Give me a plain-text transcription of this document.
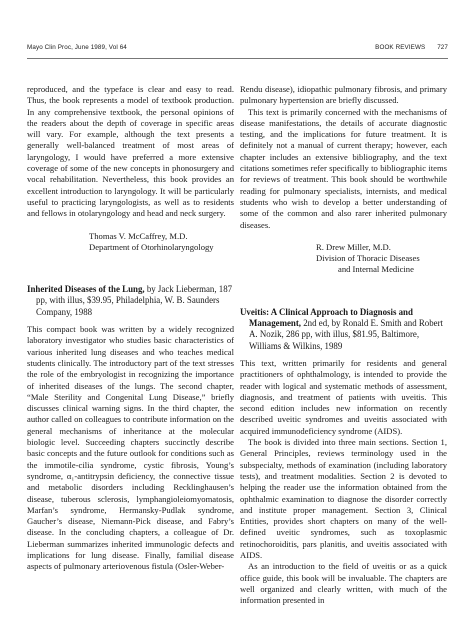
Mayo Clin Proc, June 1989, Vol 64	BOOK REVIEWS 727

reproduced, and the typeface is clear and easy to read. Thus, the book represents a model of textbook production. In any comprehensive textbook, the personal opinions of the readers about the depth of coverage in specific areas will vary. For example, although the text presents a generally well-balanced treatment of most areas of laryngology, I would have preferred a more extensive coverage of some of the new concepts in phonosurgery and vocal rehabilitation. Nevertheless, this book provides an excellent introduction to laryngology. It will be particularly useful to practicing laryngologists, as well as to residents and fellows in otolaryngology and head and neck surgery.

Thomas V. McCaffrey, M.D.
Department of Otorhinolaryngology
Inherited Diseases of the Lung, by Jack Lieberman, 187 pp, with illus, $39.95, Philadelphia, W. B. Saunders Company, 1988

This compact book was written by a widely recognized laboratory investigator who studies basic characteristics of various inherited lung diseases and who teaches medical students clinically. The introductory part of the text stresses the role of the embryologist in recognizing the importance of inherited diseases of the lungs. The second chapter, “Male Sterility and Congenital Lung Disease,” briefly discusses clinical warning signs. In the third chapter, the author called on colleagues to contribute information on the general mechanisms of inheritance at the molecular biologic level. Succeeding chapters succinctly describe basic concepts and the future outlook for conditions such as the immotile-cilia syndrome, cystic fibrosis, Young’s syndrome, α₁-antitrypsin deficiency, the connective tissue and metabolic disorders including Recklinghausen’s disease, tuberous sclerosis, lymphangioleiomyomatosis, Marfan’s syndrome, Hermansky-Pudlak syndrome, Gaucher’s disease, Niemann-Pick disease, and Fabry’s disease. In the concluding chapters, a colleague of Dr. Lieberman summarizes inherited immunologic defects and implications for lung disease. Finally, familial disease aspects of pulmonary arteriovenous fistula (Osler-Weber-

Rendu disease), idiopathic pulmonary fibrosis, and primary pulmonary hypertension are briefly discussed.

This text is primarily concerned with the mechanisms of disease manifestations, the details of accurate diagnostic testing, and the implications for future treatment. It is definitely not a manual of current therapy; however, each chapter includes an extensive bibliography, and the text citations sometimes refer specifically to bibliographic items for reviews of treatment. This book should be worthwhile reading for pulmonary specialists, internists, and medical students who wish to develop a better understanding of some of the common and also rarer inherited pulmonary diseases.

R. Drew Miller, M.D.
Division of Thoracic Diseases
and Internal Medicine
Uveitis: A Clinical Approach to Diagnosis and Management, 2nd ed, by Ronald E. Smith and Robert A. Nozik, 286 pp, with illus, $81.95, Baltimore, Williams & Wilkins, 1989

This text, written primarily for residents and general practitioners of ophthalmology, is intended to provide the reader with logical and systematic methods of assessment, diagnosis, and treatment of patients with uveitis. This second edition includes new information on recently described uveitic syndromes and uveitis associated with acquired immunodeficiency syndrome (AIDS).

The book is divided into three main sections. Section 1, General Principles, reviews terminology used in the subspecialty, methods of examination (including laboratory tests), and treatment modalities. Section 2 is devoted to helping the reader use the information obtained from the ophthalmic examination to diagnose the disorder correctly and institute proper management. Section 3, Clinical Entities, provides short chapters on many of the well-defined uveitic syndromes, such as toxoplasmic retinochoroiditis, pars planitis, and uveitis associated with AIDS.

As an introduction to the field of uveitis or as a quick office guide, this book will be invaluable. The chapters are well organized and clearly written, with much of the information presented in
